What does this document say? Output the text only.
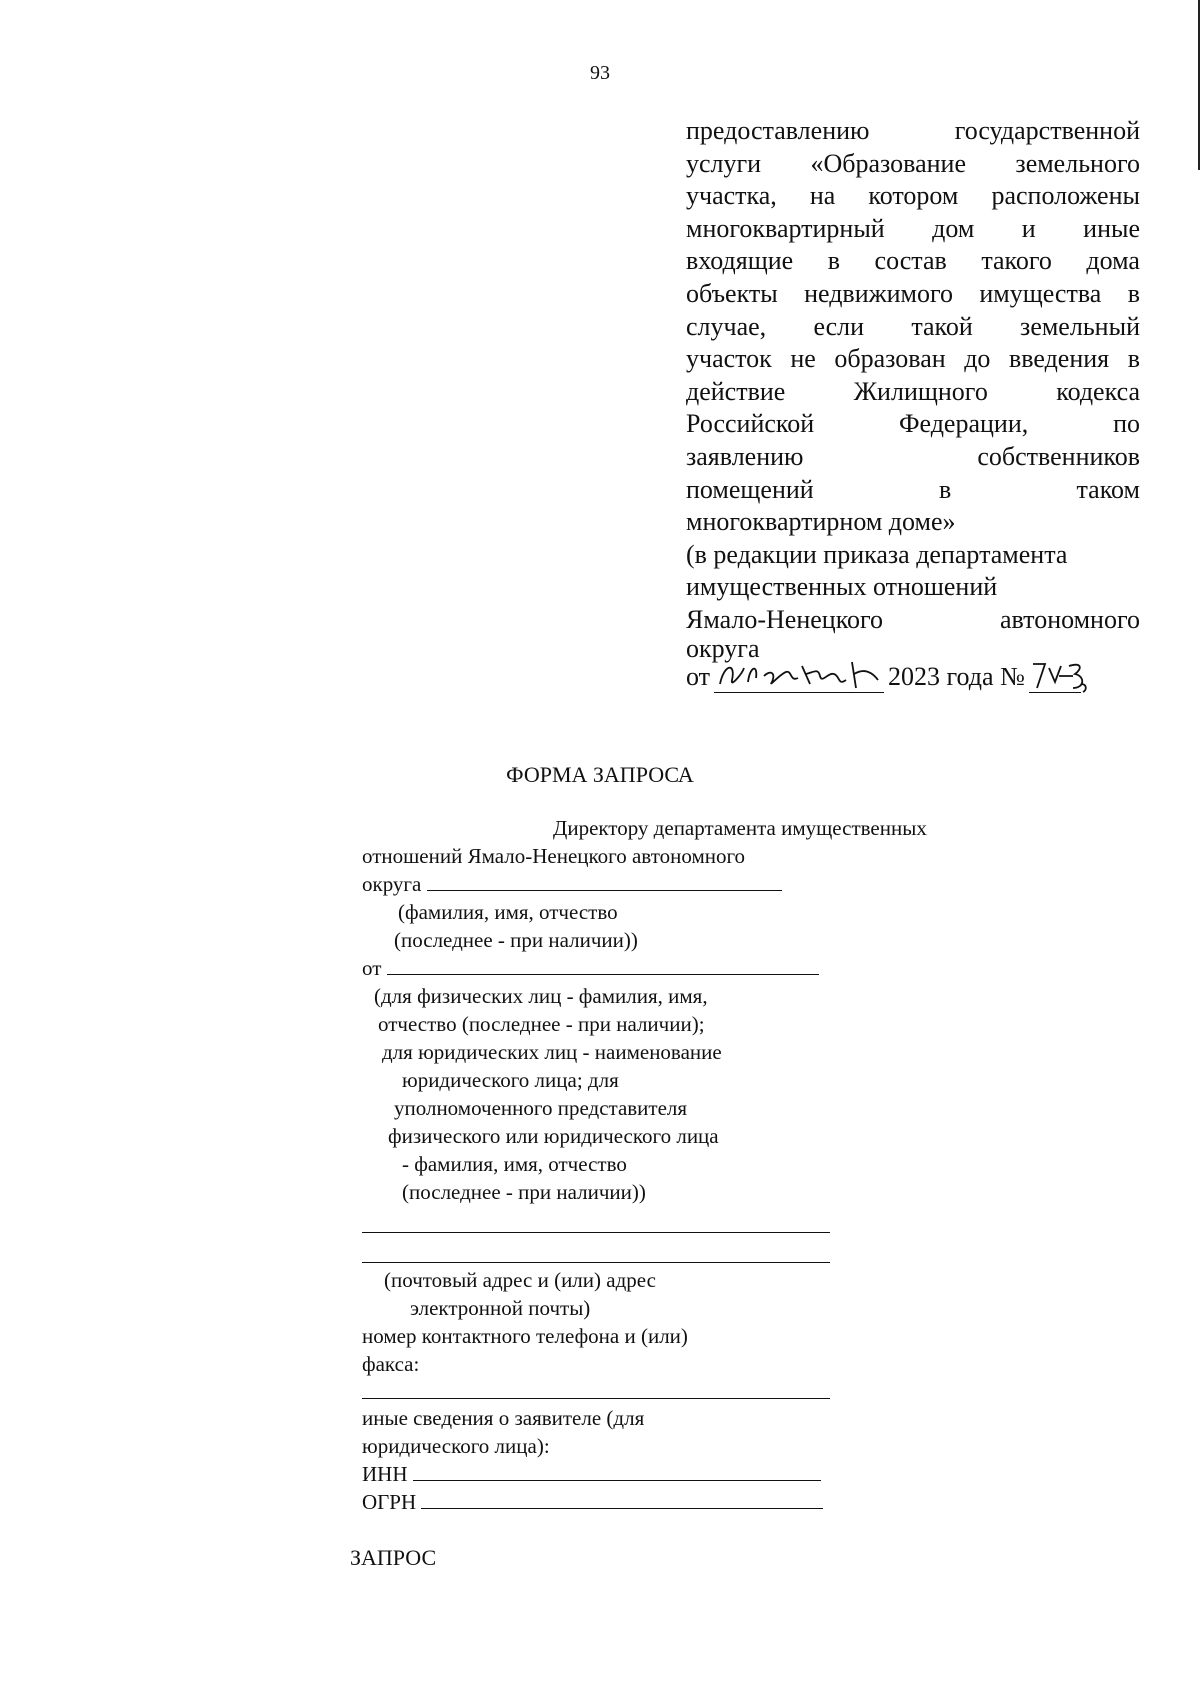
93
предоставлению	государственной
услуги «Образование земельного
участка, на котором расположены
многоквартирный дом и иные
входящие в состав такого дома
объекты недвижимого имущества в
случае, если такой земельный
участок не образован до введения в
действие	Жилищного	кодекса
Российской	Федерации,	по
заявлению	собственников
помещений	в	таком
многоквартирном доме»
(в редакции приказа департамента
имущественных отношений
Ямало-Ненецкого	автономного
округа
от	2023 года №
ФОРМА ЗАПРОСА
Директору департамента имущественных
отношений Ямало-Ненецкого автономного
округа
(фамилия, имя, отчество
(последнее - при наличии))
от
(для физических лиц - фамилия, имя,
отчество (последнее - при наличии);
для юридических лиц - наименование
юридического лица; для
уполномоченного представителя
физического или юридического лица
- фамилия, имя, отчество
(последнее - при наличии))
(почтовый адрес и (или) адрес
электронной почты)
номер контактного телефона и (или)
факса:
иные сведения о заявителе (для
юридического лица):
ИНН
ОГРН
ЗАПРОС
